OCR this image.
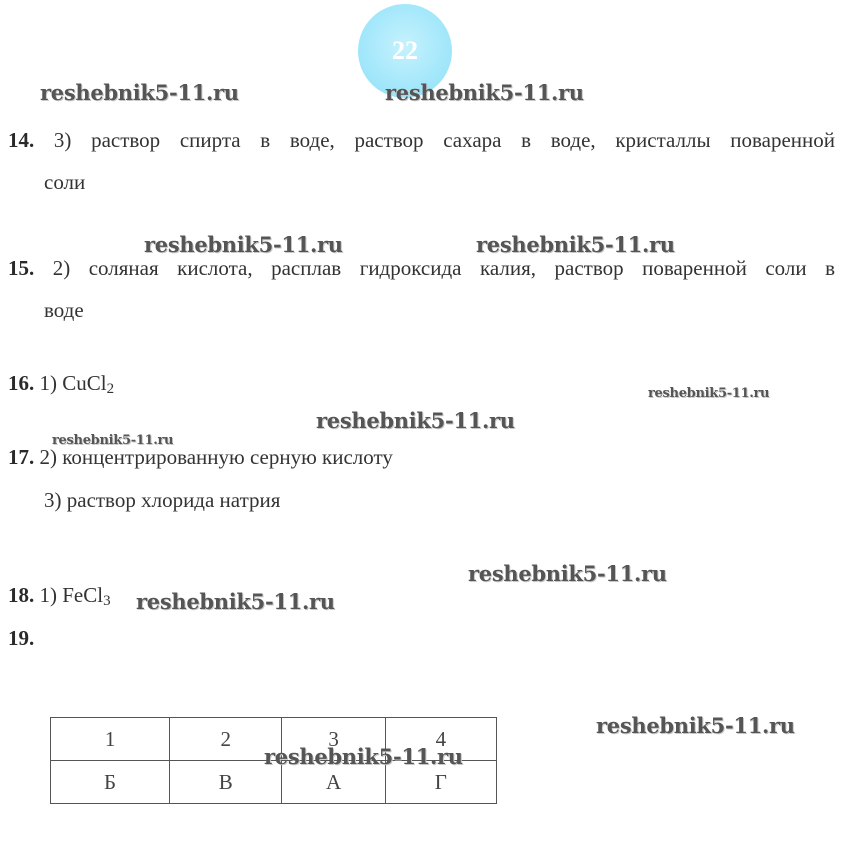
22
14. 3) раствор спирта в воде, раствор сахара в воде, кристаллы поваренной
соли
15. 2) соляная кислота, расплав гидроксида калия, раствор поваренной соли в
воде
16. 1) CuCl$_2$
17. 2) концентрированную серную кислоту
3) раствор хлорида натрия
18. 1) FeCl$_3$
19.
1	2	3	4
Б	В	А	Г
reshebnik5-11.ru	reshebnik5-11.ru
reshebnik5-11.ru	reshebnik5-11.ru
reshebnik5-11.ru
reshebnik5-11.ru
reshebnik5-11.ru
reshebnik5-11.ru
reshebnik5-11.ru
reshebnik5-11.ru
reshebnik5-11.ru
